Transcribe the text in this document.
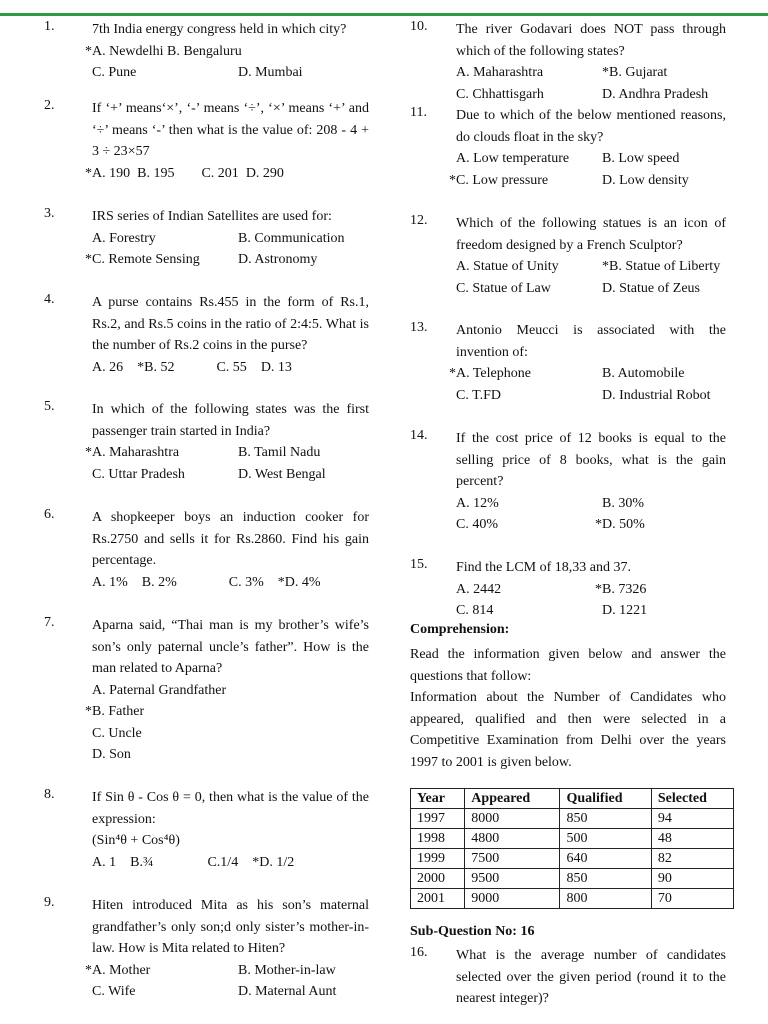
1.	7th India energy congress held in which city?
*A. Newdelhi B. Bengaluru
C. Pune	D. Mumbai
2.	If ‘+’ means‘×’, ‘-’ means ‘÷’, ‘×’ means ‘+’ and ‘÷’ means ‘-’ then what is the value of: 208 - 4 + 3 ÷ 23×57
*A. 190 B. 195 C. 201 D. 290
3.	IRS series of Indian Satellites are used for:
A. Forestry	B. Communication
*C. Remote Sensing	D. Astronomy
4.	A purse contains Rs.455 in the form of Rs.1, Rs.2, and Rs.5 coins in the ratio of 2:4:5. What is the number of Rs.2 coins in the purse?
A. 26 *B. 52	C. 55 D. 13
5.	In which of the following states was the first passenger train started in India?
*A. Maharashtra	B. Tamil Nadu
C. Uttar Pradesh	D. West Bengal
6.	A shopkeeper boys an induction cooker for Rs.2750 and sells it for Rs.2860. Find his gain percentage.
A. 1% B. 2%	C. 3% *D. 4%
7.	Aparna said, “Thai man is my brother’s wife’s son’s only paternal uncle’s father”. How is the man related to Aparna?
A. Paternal Grandfather
*B. Father
C. Uncle
D. Son
8.	If Sin θ - Cos θ = 0, then what is the value of the expression:
(Sin⁴θ + Cos⁴θ)
A. 1 B.¾	C.1/4 *D. 1/2
9.	Hiten introduced Mita as his son’s maternal grandfather’s only son;d only sister’s mother-in-law. How is Mita related to Hiten?
*A. Mother	B. Mother-in-law
C. Wife	D. Maternal Aunt
10.	The river Godavari does NOT pass through which of the following states?
A. Maharashtra	*B. Gujarat
C. Chhattisgarh	D. Andhra Pradesh
11.	Due to which of the below mentioned reasons, do clouds float in the sky?
A. Low temperature	B. Low speed
*C. Low pressure	D. Low density
12.	Which of the following statues is an icon of freedom designed by a French Sculptor?
A. Statue of Unity	*B. Statue of Liberty
C. Statue of Law	D. Statue of Zeus
13.	Antonio Meucci is associated with the invention of:
*A. Telephone	B. Automobile
C. T.FD	D. Industrial Robot
14.	If the cost price of 12 books is equal to the selling price of 8 books, what is the gain percent?
A. 12%	B. 30%
C. 40%	*D. 50%
15.	Find the LCM of 18,33 and 37.
A. 2442	*B. 7326
C. 814	D. 1221
Comprehension:
Read the information given below and answer the questions that follow:
Information about the Number of Candidates who appeared, qualified and then were selected in a Competitive Examination from Delhi over the years 1997 to 2001 is given below.
Year	Appeared	Qualified	Selected
1997	8000	850	94
1998	4800	500	48
1999	7500	640	82
2000	9500	850	90
2001	9000	800	70
Sub-Question No: 16
16.	What is the average number of candidates selected over the given period (round it to the nearest integer)?
